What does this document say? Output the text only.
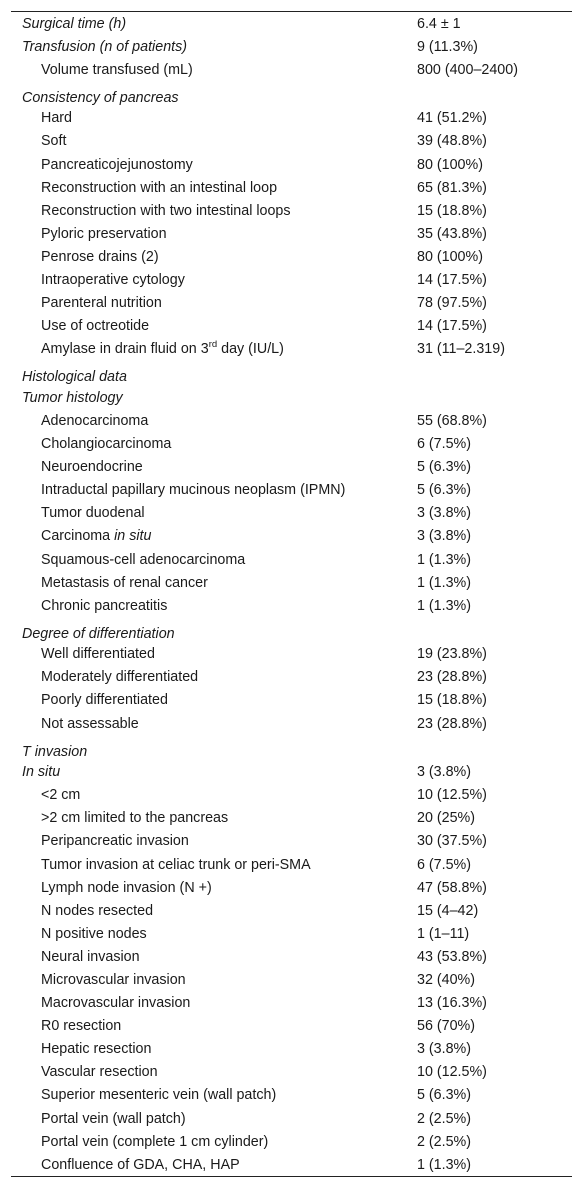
Surgical time (h)	6.4 ± 1
Transfusion (n of patients)	9 (11.3%)
Volume transfused (mL)	800 (400–2400)
Consistency of pancreas
Hard	41 (51.2%)
Soft	39 (48.8%)
Pancreaticojejunostomy	80 (100%)
Reconstruction with an intestinal loop	65 (81.3%)
Reconstruction with two intestinal loops	15 (18.8%)
Pyloric preservation	35 (43.8%)
Penrose drains (2)	80 (100%)
Intraoperative cytology	14 (17.5%)
Parenteral nutrition	78 (97.5%)
Use of octreotide	14 (17.5%)
Amylase in drain fluid on 3rd day (IU/L)	31 (11–2.319)
Histological data
Tumor histology
Adenocarcinoma	55 (68.8%)
Cholangiocarcinoma	6 (7.5%)
Neuroendocrine	5 (6.3%)
Intraductal papillary mucinous neoplasm (IPMN)	5 (6.3%)
Tumor duodenal	3 (3.8%)
Carcinoma in situ	3 (3.8%)
Squamous-cell adenocarcinoma	1 (1.3%)
Metastasis of renal cancer	1 (1.3%)
Chronic pancreatitis	1 (1.3%)
Degree of differentiation
Well differentiated	19 (23.8%)
Moderately differentiated	23 (28.8%)
Poorly differentiated	15 (18.8%)
Not assessable	23 (28.8%)
T invasion
In situ	3 (3.8%)
<2 cm	10 (12.5%)
>2 cm limited to the pancreas	20 (25%)
Peripancreatic invasion	30 (37.5%)
Tumor invasion at celiac trunk or peri-SMA	6 (7.5%)
Lymph node invasion (N +)	47 (58.8%)
N nodes resected	15 (4–42)
N positive nodes	1 (1–11)
Neural invasion	43 (53.8%)
Microvascular invasion	32 (40%)
Macrovascular invasion	13 (16.3%)
R0 resection	56 (70%)
Hepatic resection	3 (3.8%)
Vascular resection	10 (12.5%)
Superior mesenteric vein (wall patch)	5 (6.3%)
Portal vein (wall patch)	2 (2.5%)
Portal vein (complete 1 cm cylinder)	2 (2.5%)
Confluence of GDA, CHA, HAP	1 (1.3%)
